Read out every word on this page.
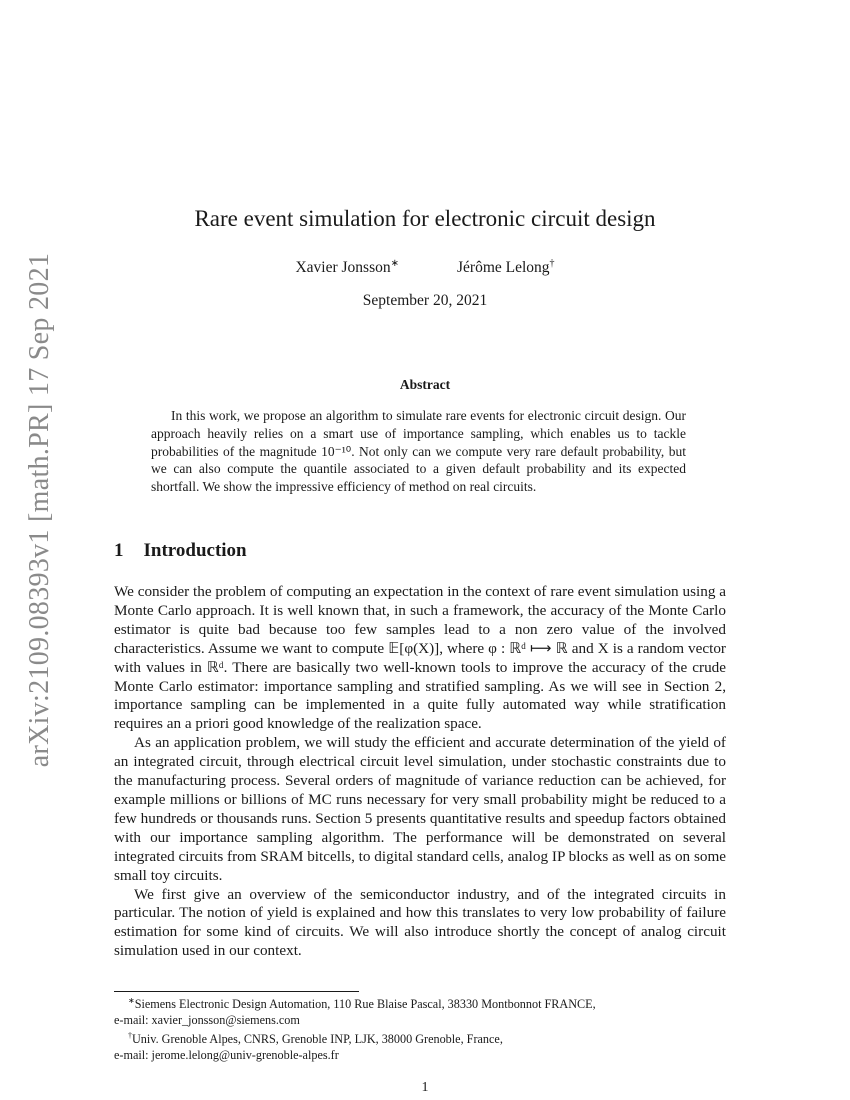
arXiv:2109.08393v1 [math.PR] 17 Sep 2021
Rare event simulation for electronic circuit design
Xavier Jonsson∗	Jérôme Lelong†
September 20, 2021
Abstract
In this work, we propose an algorithm to simulate rare events for electronic circuit design. Our approach heavily relies on a smart use of importance sampling, which enables us to tackle probabilities of the magnitude 10⁻¹⁰. Not only can we compute very rare default probability, but we can also compute the quantile associated to a given default probability and its expected shortfall. We show the impressive efficiency of method on real circuits.
1 Introduction

We consider the problem of computing an expectation in the context of rare event simulation using a Monte Carlo approach. It is well known that, in such a framework, the accuracy of the Monte Carlo estimator is quite bad because too few samples lead to a non zero value of the involved characteristics. Assume we want to compute 𝔼[φ(X)], where φ : ℝᵈ ⟼ ℝ and X is a random vector with values in ℝᵈ. There are basically two well-known tools to improve the accuracy of the crude Monte Carlo estimator: importance sampling and stratified sampling. As we will see in Section 2, importance sampling can be implemented in a quite fully automated way while stratification requires an a priori good knowledge of the realization space.

As an application problem, we will study the efficient and accurate determination of the yield of an integrated circuit, through electrical circuit level simulation, under stochastic constraints due to the manufacturing process. Several orders of magnitude of variance reduction can be achieved, for example millions or billions of MC runs necessary for very small probability might be reduced to a few hundreds or thousands runs. Section 5 presents quantitative results and speedup factors obtained with our importance sampling algorithm. The performance will be demonstrated on several integrated circuits from SRAM bitcells, to digital standard cells, analog IP blocks as well as on some small toy circuits.

We first give an overview of the semiconductor industry, and of the integrated circuits in particular. The notion of yield is explained and how this translates to very low probability of failure estimation for some kind of circuits. We will also introduce shortly the concept of analog circuit simulation used in our context.

∗Siemens Electronic Design Automation, 110 Rue Blaise Pascal, 38330 Montbonnot FRANCE,

e-mail: xavier_jonsson@siemens.com

†Univ. Grenoble Alpes, CNRS, Grenoble INP, LJK, 38000 Grenoble, France,

e-mail: jerome.lelong@univ-grenoble-alpes.fr

1
